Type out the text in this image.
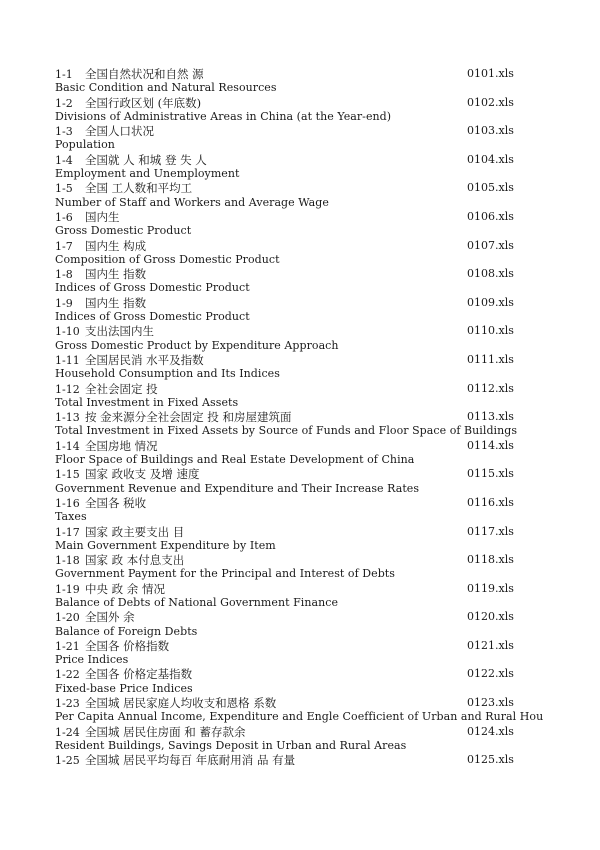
1-1 全国自然状况和自然 源	0101.xls
Basic Condition and Natural Resources
1-2 全国行政区划 (年底数)	0102.xls
Divisions of Administrative Areas in China (at the Year-end)
1-3 全国人口状况	0103.xls
Population
1-4 全国就 人 和城 登 失 人	0104.xls
Employment and Unemployment
1-5 全国 工人数和平均工	0105.xls
Number of Staff and Workers and Average Wage
1-6 国内生	0106.xls
Gross Domestic Product
1-7 国内生 构成	0107.xls
Composition of Gross Domestic Product
1-8 国内生 指数	0108.xls
Indices of Gross Domestic Product
1-9 国内生 指数	0109.xls
Indices of Gross Domestic Product
1-10 支出法国内生	0110.xls
Gross Domestic Product by Expenditure Approach
1-11 全国居民消 水平及指数	0111.xls
Household Consumption and Its Indices
1-12 全社会固定 投	0112.xls
Total Investment in Fixed Assets
1-13 按 金来源分全社会固定 投 和房屋建筑面	0113.xls
Total Investment in Fixed Assets by Source of Funds and Floor Space of Buildings
1-14 全国房地 情况	0114.xls
Floor Space of Buildings and Real Estate Development of China
1-15 国家 政收支 及增 速度	0115.xls
Government Revenue and Expenditure and Their Increase Rates
1-16 全国各 税收	0116.xls
Taxes
1-17 国家 政主要支出 目	0117.xls
Main Government Expenditure by Item
1-18 国家 政 本付息支出	0118.xls
Government Payment for the Principal and Interest of Debts
1-19 中央 政 余 情况	0119.xls
Balance of Debts of National Government Finance
1-20 全国外 余	0120.xls
Balance of Foreign Debts
1-21 全国各 价格指数	0121.xls
Price Indices
1-22 全国各 价格定基指数	0122.xls
Fixed-base Price Indices
1-23 全国城 居民家庭人均收支和恩格 系数	0123.xls
Per Capita Annual Income, Expenditure and Engle Coefficient of Urban and Rural Hou
1-24 全国城 居民住房面 和 蓄存款余	0124.xls
Resident Buildings, Savings Deposit in Urban and Rural Areas
1-25 全国城 居民平均每百 年底耐用消 品 有量	0125.xls
